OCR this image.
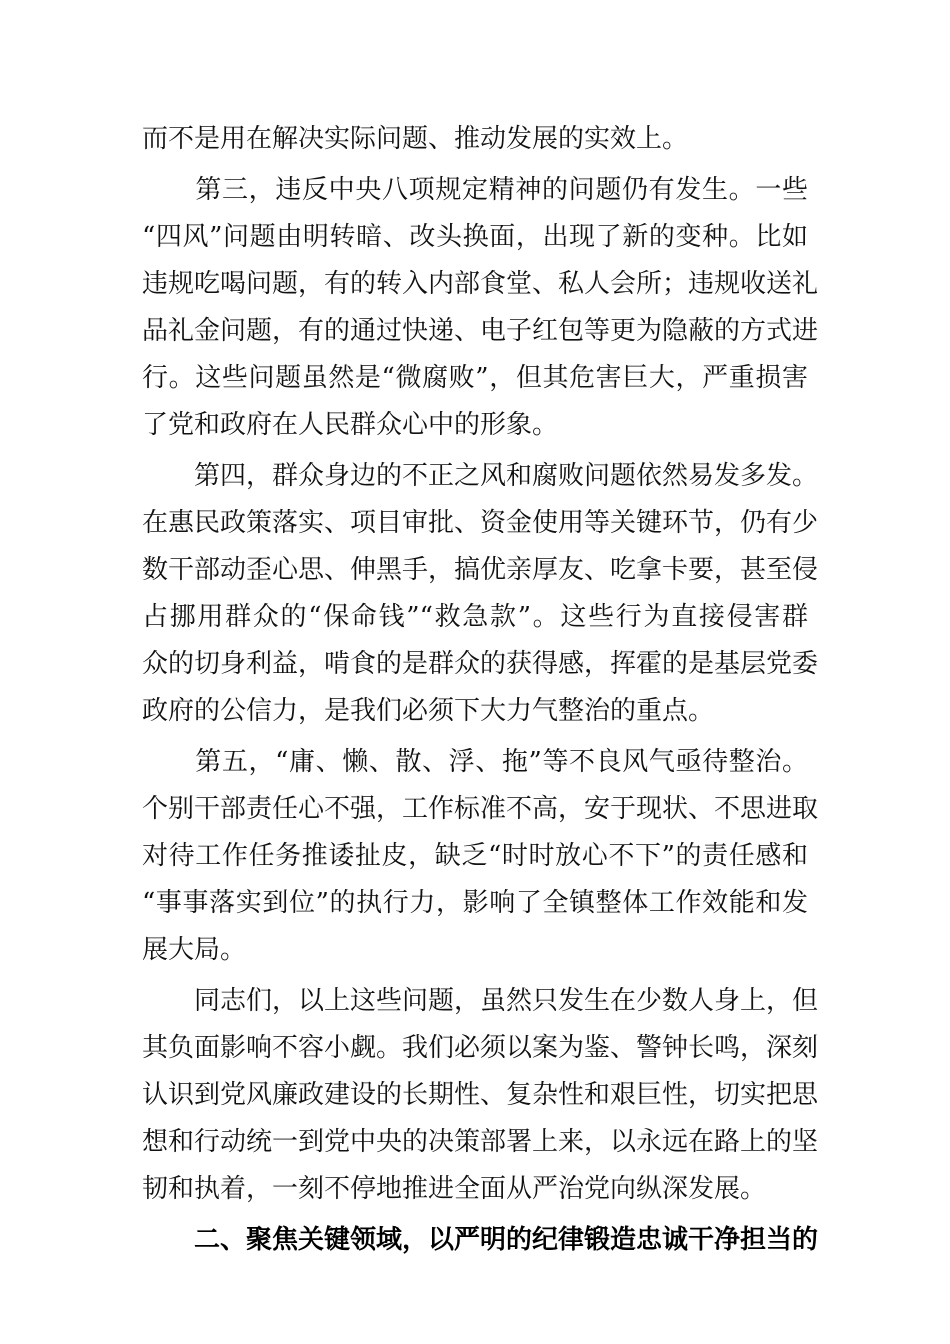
而不是用在解决实际问题、推动发展的实效上。
　　第三，违反中央八项规定精神的问题仍有发生。一些
“四风”问题由明转暗、改头换面，出现了新的变种。比如
违规吃喝问题，有的转入内部食堂、私人会所；违规收送礼
品礼金问题，有的通过快递、电子红包等更为隐蔽的方式进
行。这些问题虽然是“微腐败”，但其危害巨大，严重损害
了党和政府在人民群众心中的形象。
　　第四，群众身边的不正之风和腐败问题依然易发多发。
在惠民政策落实、项目审批、资金使用等关键环节，仍有少
数干部动歪心思、伸黑手，搞优亲厚友、吃拿卡要，甚至侵
占挪用群众的“保命钱”“救急款”。这些行为直接侵害群
众的切身利益，啃食的是群众的获得感，挥霍的是基层党委
政府的公信力，是我们必须下大力气整治的重点。
　　第五，“庸、懒、散、浮、拖”等不良风气亟待整治。
个别干部责任心不强，工作标准不高，安于现状、不思进取
对待工作任务推诿扯皮，缺乏“时时放心不下”的责任感和
“事事落实到位”的执行力，影响了全镇整体工作效能和发
展大局。
　　同志们，以上这些问题，虽然只发生在少数人身上，但
其负面影响不容小觑。我们必须以案为鉴、警钟长鸣，深刻
认识到党风廉政建设的长期性、复杂性和艰巨性，切实把思
想和行动统一到党中央的决策部署上来，以永远在路上的坚
韧和执着，一刻不停地推进全面从严治党向纵深发展。
二、聚焦关键领域，以严明的纪律锻造忠诚干净担当的
